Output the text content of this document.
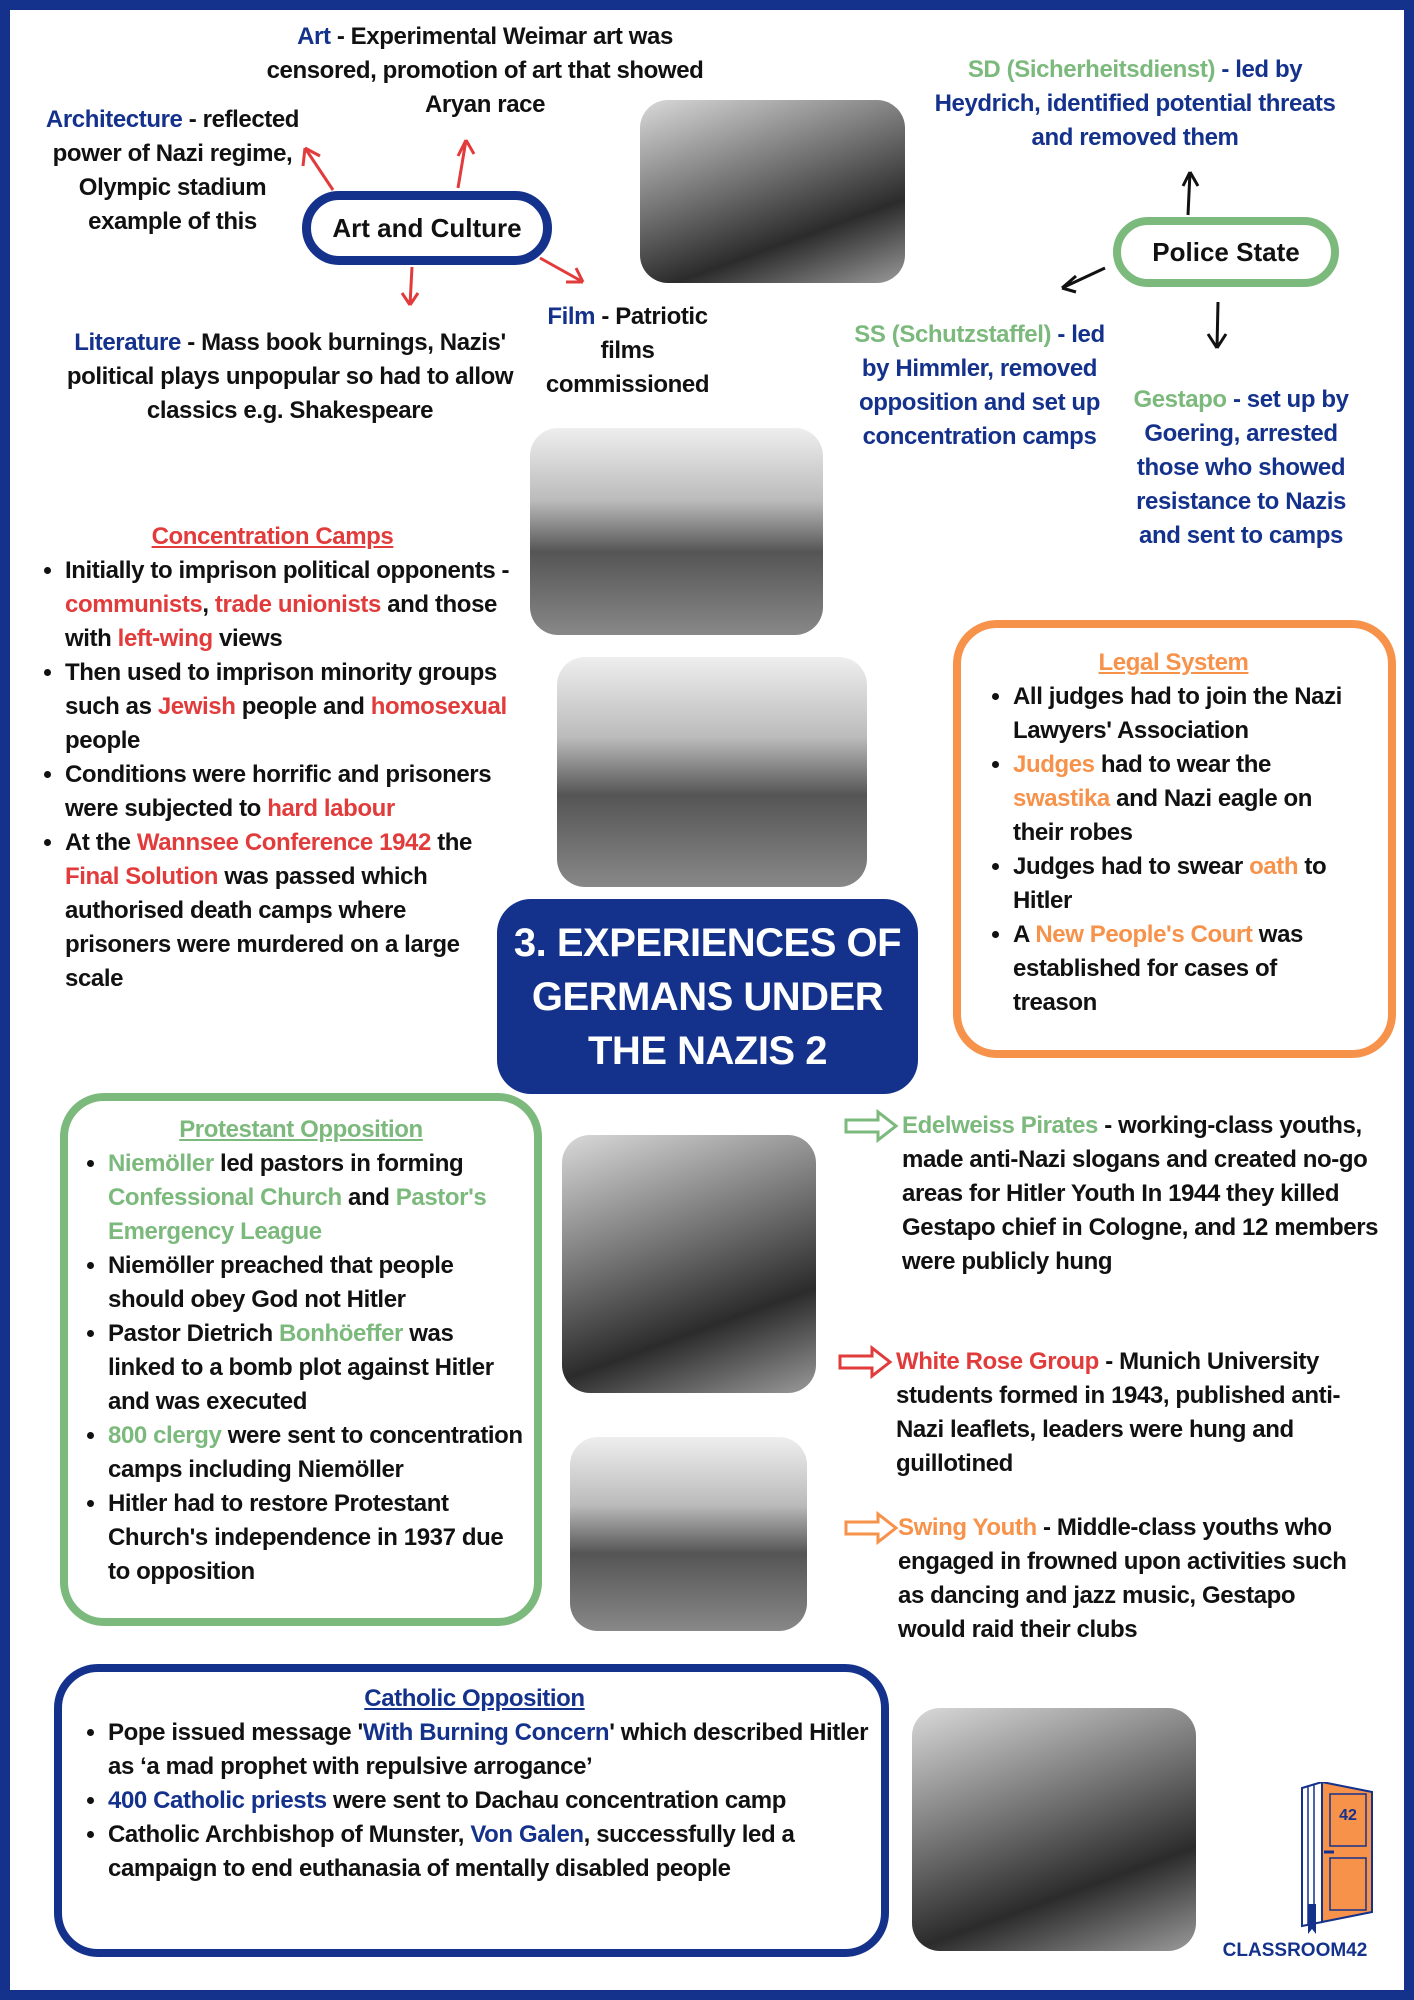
Art - Experimental Weimar art was censored, promotion of art that showed Aryan race
Architecture - reflected power of Nazi regime, Olympic stadium example of this	Art and Culture
Film - Patriotic films commissioned
Literature - Mass book burnings, Nazis' political plays unpopular so had to allow classics e.g. Shakespeare
SD (Sicherheitsdienst) - led by Heydrich, identified potential threats and removed them
Police State
SS (Schutzstaffel) - led by Himmler, removed opposition and set up concentration camps
Gestapo - set up by Goering, arrested those who showed resistance to Nazis and sent to camps
Concentration Camps
• Initially to imprison political opponents - communists, trade unionists and those with left-wing views
• Then used to imprison minority groups such as Jewish people and homosexual people
• Conditions were horrific and prisoners were subjected to hard labour
• At the Wannsee Conference 1942 the Final Solution was passed which authorised death camps where prisoners were murdered on a large scale
Legal System
• All judges had to join the Nazi Lawyers' Association
• Judges had to wear the swastika and Nazi eagle on their robes
• Judges had to swear oath to Hitler
• A New People's Court was established for cases of treason
3. EXPERIENCES OF GERMANS UNDER THE NAZIS 2
Protestant Opposition
• Niemöller led pastors in forming Confessional Church and Pastor's Emergency League
• Niemöller preached that people should obey God not Hitler
• Pastor Dietrich Bonhöeffer was linked to a bomb plot against Hitler and was executed
• 800 clergy were sent to concentration camps including Niemöller
• Hitler had to restore Protestant Church's independence in 1937 due to opposition
Edelweiss Pirates - working-class youths, made anti-Nazi slogans and created no-go areas for Hitler Youth In 1944 they killed Gestapo chief in Cologne, and 12 members were publicly hung
White Rose Group - Munich University students formed in 1943, published anti-Nazi leaflets, leaders were hung and guillotined
Swing Youth - Middle-class youths who engaged in frowned upon activities such as dancing and jazz music, Gestapo would raid their clubs
Catholic Opposition
• Pope issued message 'With Burning Concern' which described Hitler as ‘a mad prophet with repulsive arrogance’
• 400 Catholic priests were sent to Dachau concentration camp
• Catholic Archbishop of Munster, Von Galen, successfully led a campaign to end euthanasia of mentally disabled people
42
CLASSROOM42
